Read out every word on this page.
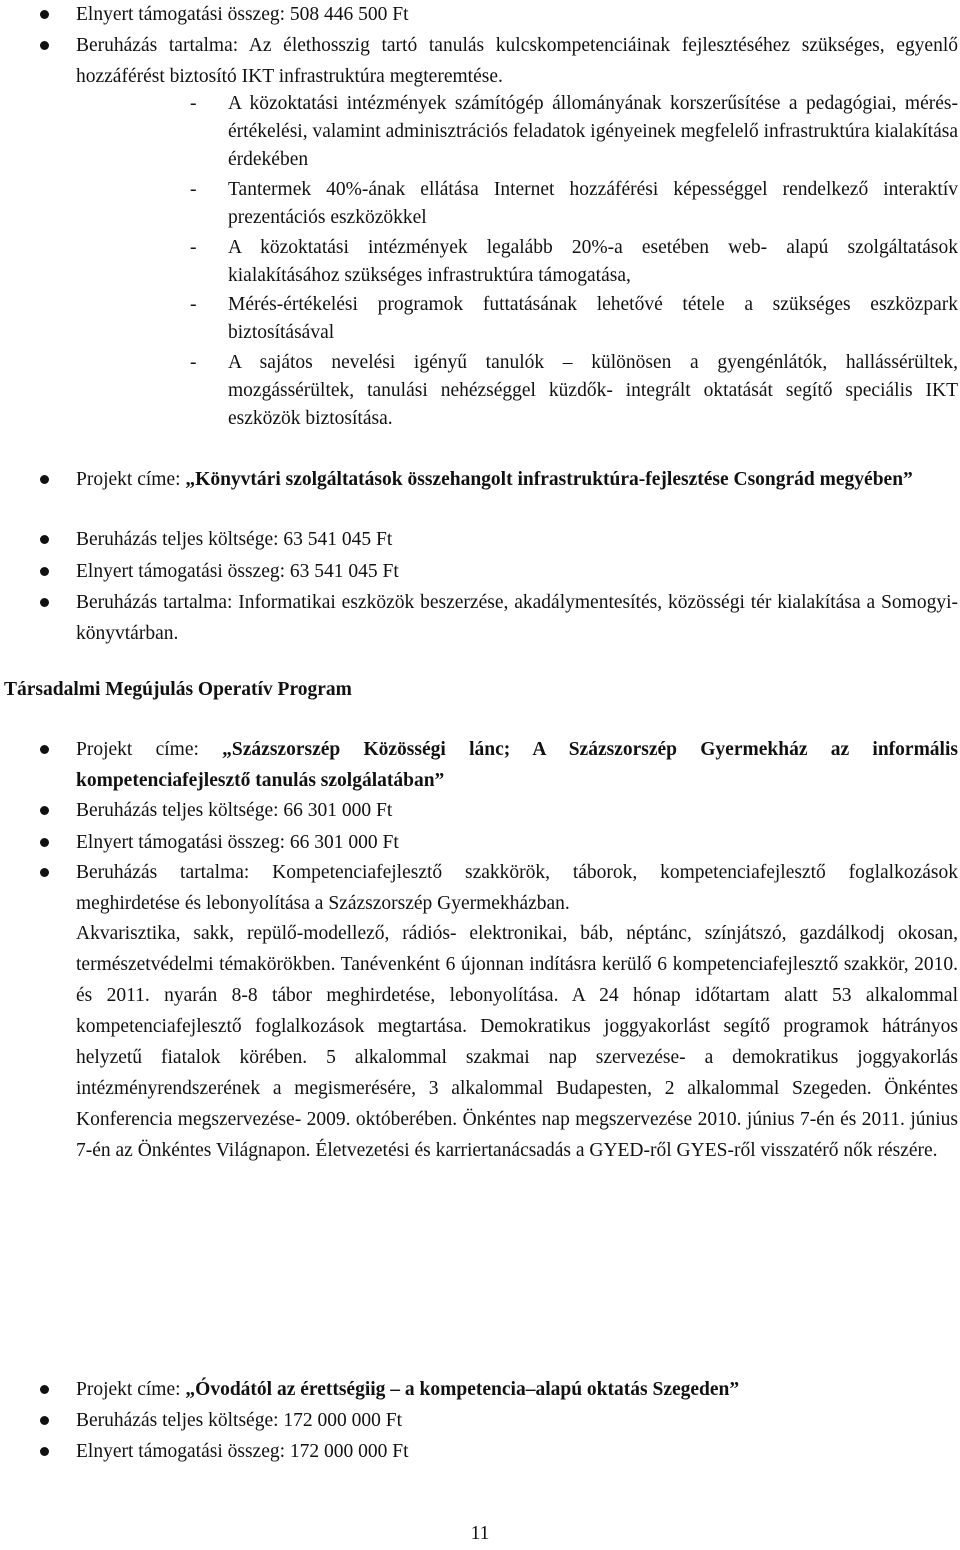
Elnyert támogatási összeg: 508 446 500 Ft

Beruházás tartalma: Az élethosszig tartó tanulás kulcskompetenciáinak fejlesztéséhez szükséges, egyenlő hozzáférést biztosító IKT infrastruktúra megteremtése.

- A közoktatási intézmények számítógép állományának korszerűsítése a pedagógiai, mérés-értékelési, valamint adminisztrációs feladatok igényeinek megfelelő infrastruktúra kialakítása érdekében

- Tantermek 40%-ának ellátása Internet hozzáférési képességgel rendelkező interaktív prezentációs eszközökkel

- A közoktatási intézmények legalább 20%-a esetében web- alapú szolgáltatások kialakításához szükséges infrastruktúra támogatása,

- Mérés-értékelési programok futtatásának lehetővé tétele a szükséges eszközpark biztosításával

- A sajátos nevelési igényű tanulók – különösen a gyengénlátók, hallássérültek, mozgássérültek, tanulási nehézséggel küzdők- integrált oktatását segítő speciális IKT eszközök biztosítása.

Projekt címe: „Könyvtári szolgáltatások összehangolt infrastruktúra-fejlesztése Csongrád megyében”

Beruházás teljes költsége: 63 541 045 Ft

Elnyert támogatási összeg: 63 541 045 Ft

Beruházás tartalma: Informatikai eszközök beszerzése, akadálymentesítés, közösségi tér kialakítása a Somogyi-könyvtárban.

Társadalmi Megújulás Operatív Program

Projekt címe: „Százszorszép Közösségi lánc; A Százszorszép Gyermekház az informális kompetenciafejlesztő tanulás szolgálatában”

Beruházás teljes költsége: 66 301 000 Ft

Elnyert támogatási összeg: 66 301 000 Ft

Beruházás tartalma: Kompetenciafejlesztő szakkörök, táborok, kompetenciafejlesztő foglalkozások meghirdetése és lebonyolítása a Százszorszép Gyermekházban.

Akvarisztika, sakk, repülő-modellező, rádiós- elektronikai, báb, néptánc, színjátszó, gazdálkodj okosan, természetvédelmi témakörökben. Tanévenként 6 újonnan indításra kerülő 6 kompetenciafejlesztő szakkör, 2010. és 2011. nyarán 8-8 tábor meghirdetése, lebonyolítása. A 24 hónap időtartam alatt 53 alkalommal kompetenciafejlesztő foglalkozások megtartása. Demokratikus joggyakorlást segítő programok hátrányos helyzetű fiatalok körében. 5 alkalommal szakmai nap szervezése- a demokratikus joggyakorlás intézményrendszerének a megismerésére, 3 alkalommal Budapesten, 2 alkalommal Szegeden. Önkéntes Konferencia megszervezése- 2009. októberében. Önkéntes nap megszervezése 2010. június 7-én és 2011. június 7-én az Önkéntes Világnapon. Életvezetési és karriertanácsadás a GYED-ről GYES-ről visszatérő nők részére.

Projekt címe: „Óvodától az érettségiig – a kompetencia–alapú oktatás Szegeden”

Beruházás teljes költsége: 172 000 000 Ft

Elnyert támogatási összeg: 172 000 000 Ft

11
